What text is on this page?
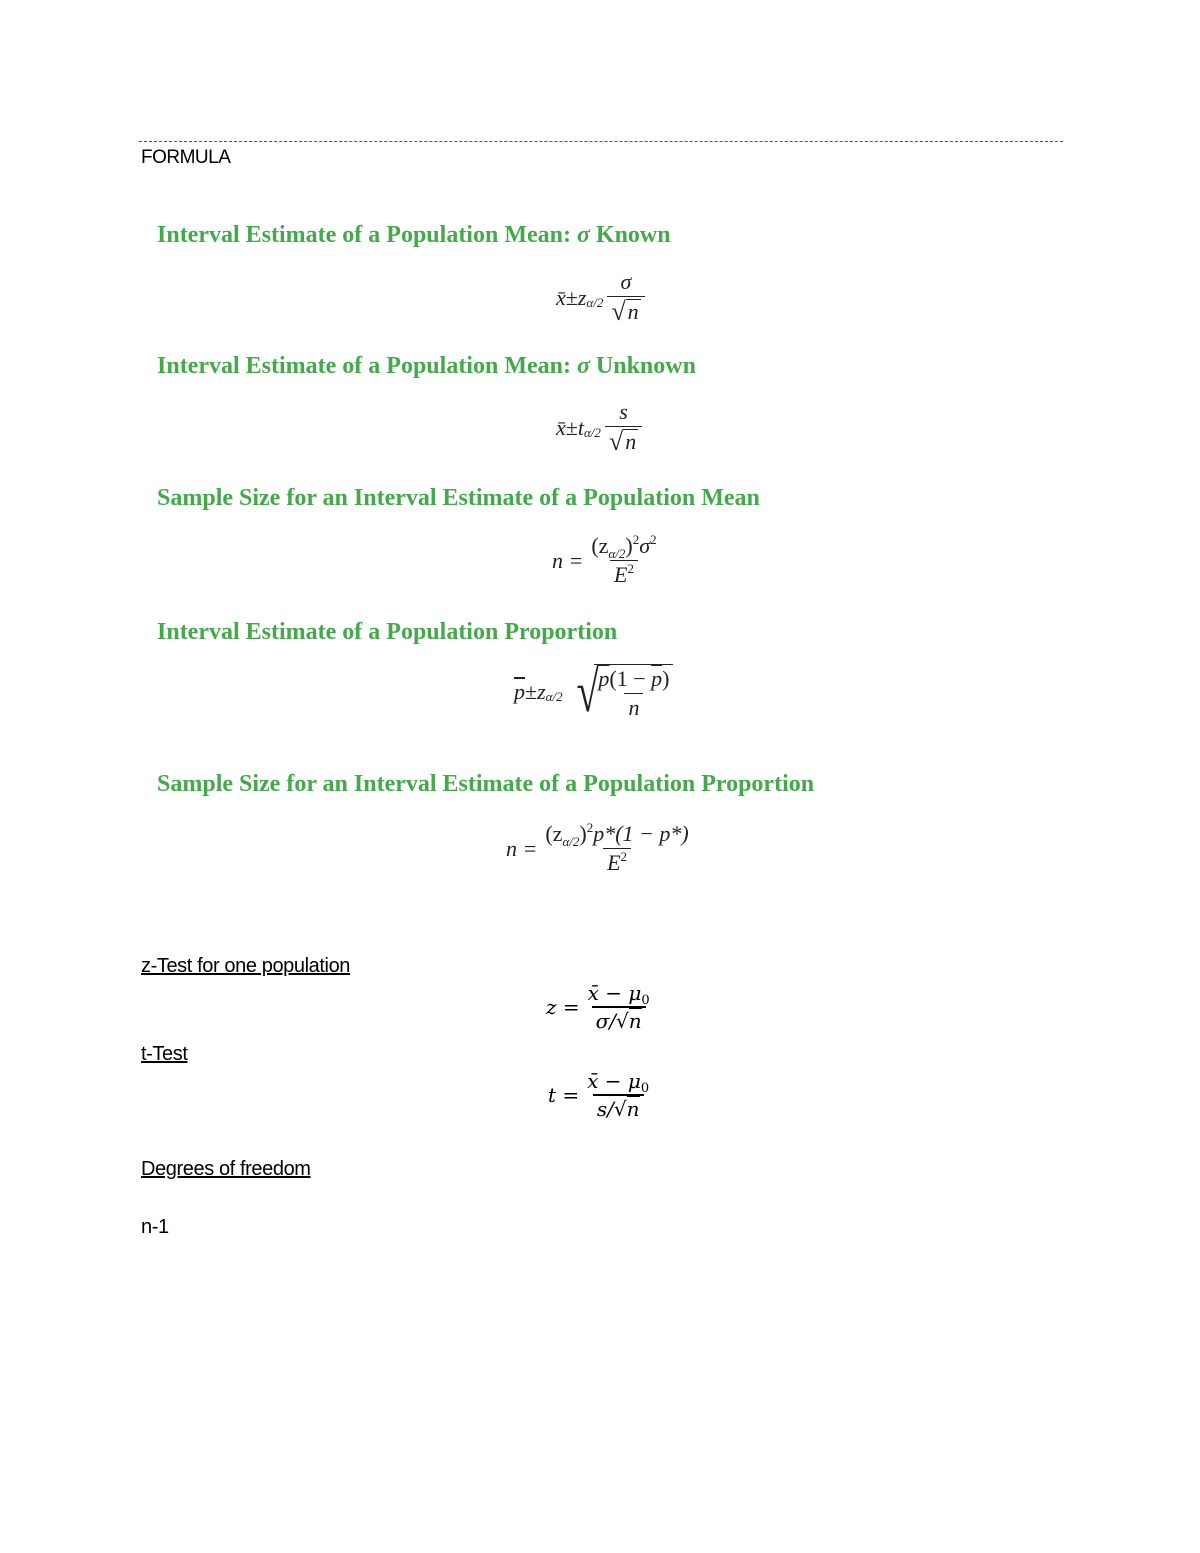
FORMULA
Interval Estimate of a Population Mean: σ Known
x̄ ± z $\alpha/2 \frac{\sigma}{√ n}$
Interval Estimate of a Population Mean: σ Unknown
x̄ ± t $\alpha/2 \frac{s}{√ n}$
Sample Size for an Interval Estimate of a Population Mean
$n = \frac{(z_{\alpha/2})^2\sigma^2}{E^2}$
Interval Estimate of a Population Proportion
$\overline{p} \pm z$ α/2 √
$\frac{p(1 - \overline{p})}{n}$
Sample Size for an Interval Estimate of a Population Proportion
$n = \frac{(z_{\alpha/2})^2p*(1 - p*)}{E^2}$
z-Test for one population
$z = \frac{x̄ - \mu_0}{\sigma/√n}$
t-Test
$t = \frac{x̄ - \mu_0}{s/√n}$
Degrees of freedom
n-1
